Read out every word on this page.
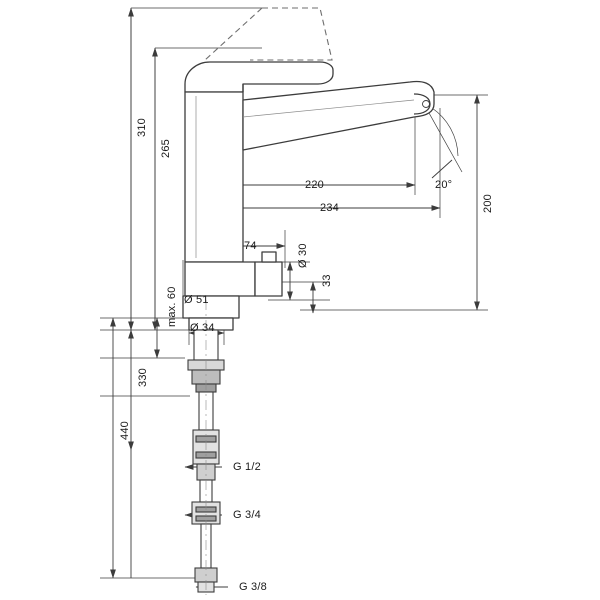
310
265
220
234
20°
200
74	Ø 30
33
Ø 51
Ø 34
max. 60
330
440
G 1/2
G 3/4
G 3/8
